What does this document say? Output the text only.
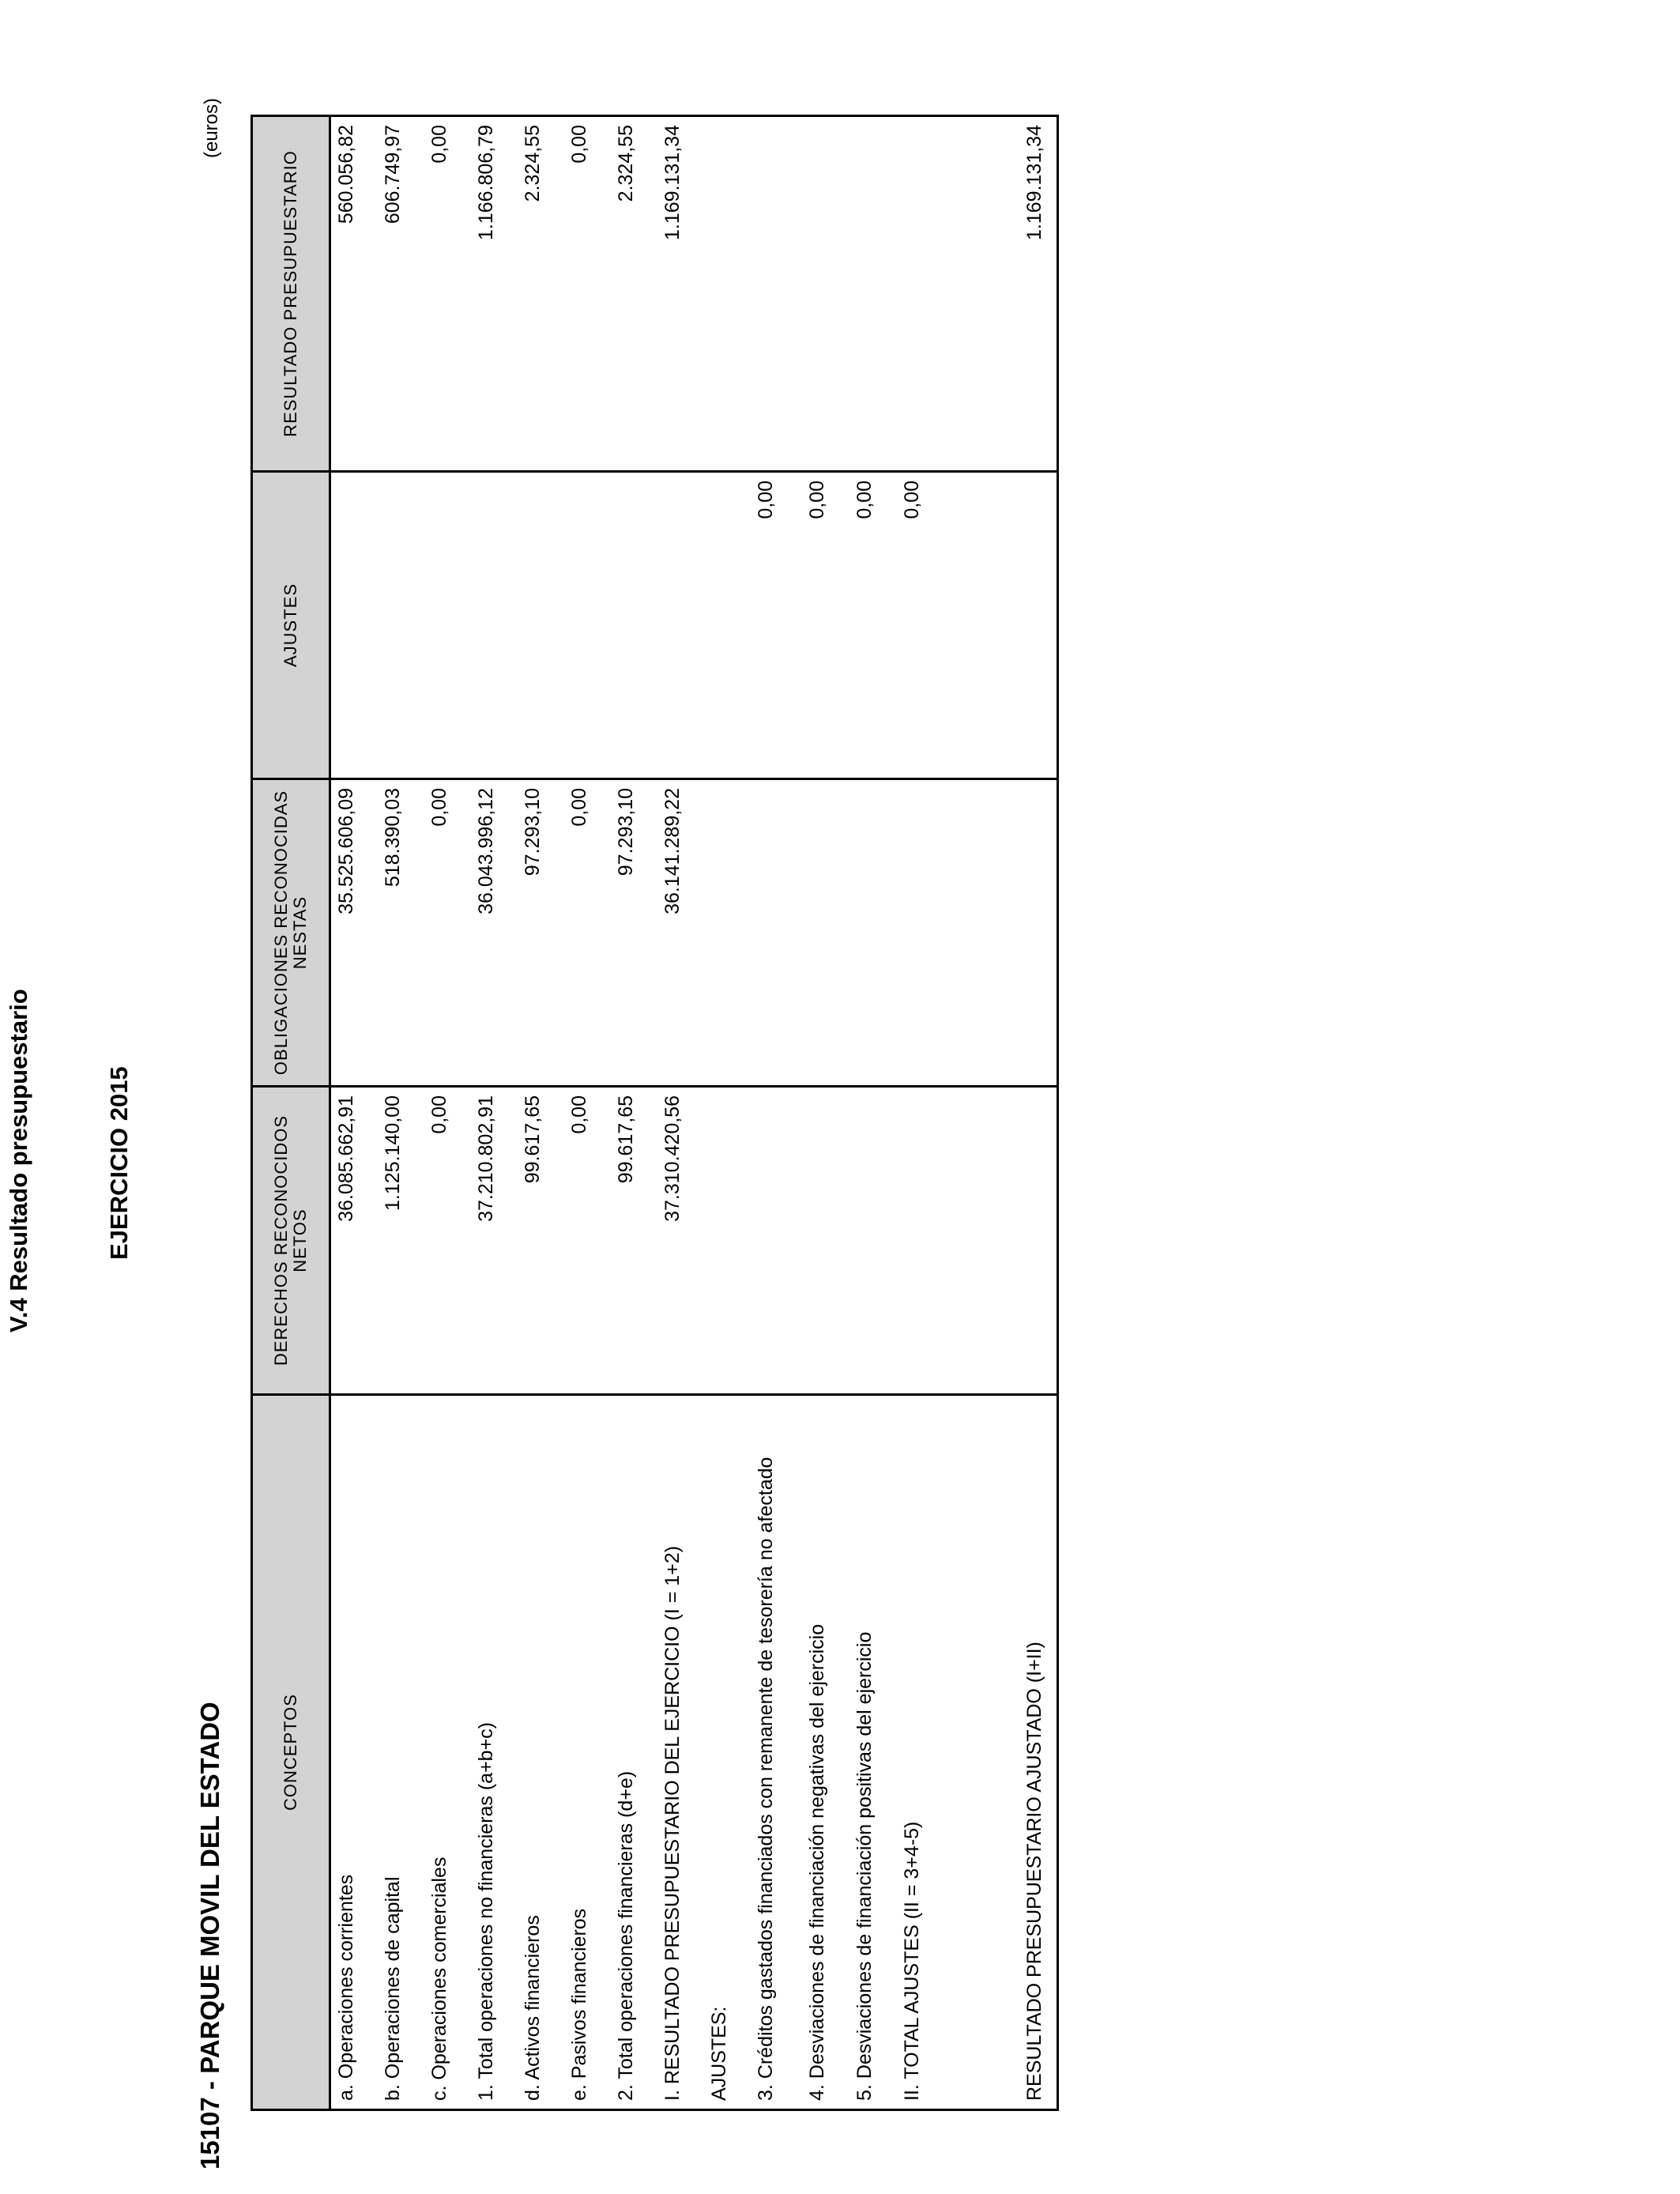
V.4 Resultado presupuestario	EJERCICIO 2015
15107 - PARQUE MOVIL DEL ESTADO
(euros)
CONCEPTOS	DERECHOS RECONOCIDOS NETOS	OBLIGACIONES RECONOCIDAS NESTAS	AJUSTES	RESULTADO PRESUPUESTARIO
a. Operaciones corrientes	36.085.662,91	35.525.606,09		560.056,82
b. Operaciones de capital	1.125.140,00	518.390,03		606.749,97
c. Operaciones comerciales	0,00	0,00		0,00
1. Total operaciones no financieras (a+b+c)	37.210.802,91	36.043.996,12		1.166.806,79
d. Activos financieros	99.617,65	97.293,10		2.324,55
e. Pasivos financieros	0,00	0,00		0,00
2. Total operaciones financieras (d+e)	99.617,65	97.293,10		2.324,55
I. RESULTADO PRESUPUESTARIO DEL EJERCICIO (I = 1+2)	37.310.420,56	36.141.289,22		1.169.131,34
AJUSTES:				
3. Créditos gastados financiados con remanente de tesorería no afectado			0,00	
4. Desviaciones de financiación negativas del ejercicio			0,00	
5. Desviaciones de financiación positivas del ejercicio			0,00	
II. TOTAL AJUSTES (II = 3+4-5)			0,00	
RESULTADO PRESUPUESTARIO AJUSTADO (I+II)				1.169.131,34
